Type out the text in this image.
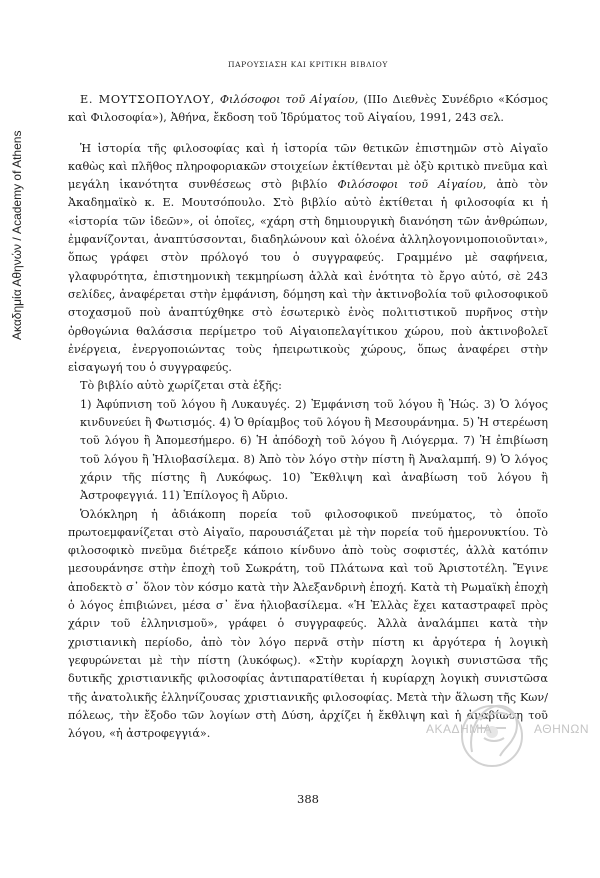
Ακαδημία Αθηνών / Academy of Athens
ΠΑΡΟΥΣΙΑΣΗ ΚΑΙ ΚΡΙΤΙΚΗ ΒΙΒΛΙΟΥ

Ε. ΜΟΥΤΣΟΠΟΥΛΟΥ, Φιλόσοφοι τοῦ Αἰγαίου, (ΙΙΙο Διεθνὲς Συνέδριο «Κόσμος καὶ Φιλοσοφία»), Ἀθήνα, ἔκδοση τοῦ Ἱδρύματος τοῦ Αἰγαίου, 1991, 243 σελ.

Ἡ ἱστορία τῆς φιλοσοφίας καὶ ἡ ἱστορία τῶν θετικῶν ἐπιστημῶν στὸ Αἰγαῖο καθὼς καὶ πλῆθος πληροφοριακῶν στοιχείων ἐκτίθενται μὲ ὀξὺ κριτικὸ πνεῦμα καὶ μεγάλη ἱκανότητα συνθέσεως στὸ βιβλίο Φιλόσοφοι τοῦ Αἰγαίου, ἀπὸ τὸν Ἀκαδημαϊκὸ κ. Ε. Μουτσόπουλο. Στὸ βιβλίο αὐτὸ ἐκτίθεται ἡ φιλοσοφία κι ἡ «ἱστορία τῶν ἰδεῶν», οἱ ὁποῖες, «χάρη στὴ δημιουργικὴ διανόηση τῶν ἀνθρώπων, ἐμφανίζονται, ἀναπτύσσονται, διαδηλώνουν καὶ ὁλοένα ἀλληλογονιμοποιοῦνται», ὅπως γράφει στὸν πρόλογό του ὁ συγγραφεύς. Γραμμένο μὲ σαφήνεια, γλαφυρότητα, ἐπιστημονικὴ τεκμηρίωση ἀλλὰ καὶ ἑνότητα τὸ ἔργο αὐτό, σὲ 243 σελίδες, ἀναφέρεται στὴν ἐμφάνιση, δόμηση καὶ τὴν ἀκτινοβολία τοῦ φιλοσοφικοῦ στοχασμοῦ ποὺ ἀναπτύχθηκε στὸ ἐσωτερικὸ ἑνὸς πολιτιστικοῦ πυρῆνος στὴν ὀρθογώνια θαλάσσια περίμετρο τοῦ Αἰγαιοπελαγίτικου χώρου, ποὺ ἀκτινοβολεῖ ἐνέργεια, ἐνεργοποιώντας τοὺς ἠπειρωτικοὺς χώρους, ὅπως ἀναφέρει στὴν εἰσαγωγή του ὁ συγγραφεύς.

Τὸ βιβλίο αὐτὸ χωρίζεται στὰ ἑξῆς:

1) Ἀφύπνιση τοῦ λόγου ἢ Λυκαυγές. 2) Ἐμφάνιση τοῦ λόγου ἢ Ἠώς. 3) Ὁ λόγος κινδυνεύει ἢ Φωτισμός. 4) Ὁ θρίαμβος τοῦ λόγου ἢ Μεσουράνημα. 5) Ἡ στερέωση τοῦ λόγου ἢ Ἀπομεσήμερο. 6) Ἡ ἀπόδοχὴ τοῦ λόγου ἢ Λιόγερμα. 7) Ἡ ἐπιβίωση τοῦ λόγου ἢ Ἡλιοβασίλεμα. 8) Ἀπὸ τὸν λόγο στὴν πίστη ἢ Ἀναλαμπή. 9) Ὁ λόγος χάριν τῆς πίστης ἢ Λυκόφως. 10) Ἔκθλιψη καὶ ἀναβίωση τοῦ λόγου ἢ Ἀστροφεγγιά. 11) Ἐπίλογος ἢ Αὔριο.

Ὁλόκληρη ἡ ἀδιάκοπη πορεία τοῦ φιλοσοφικοῦ πνεύματος, τὸ ὁποῖο πρωτοεμφανίζεται στὸ Αἰγαῖο, παρουσιάζεται μὲ τὴν πορεία τοῦ ἡμερονυκτίου. Τὸ φιλοσοφικὸ πνεῦμα διέτρεξε κάποιο κίνδυνο ἀπὸ τοὺς σοφιστές, ἀλλὰ κατόπιν μεσουράνησε στὴν ἐποχὴ τοῦ Σωκράτη, τοῦ Πλάτωνα καὶ τοῦ Ἀριστοτέλη. Ἔγινε ἀποδεκτὸ σ᾽ ὅλον τὸν κόσμο κατὰ τὴν Ἀλεξανδρινὴ ἐποχή. Κατὰ τὴ Ρωμαϊκὴ ἐποχὴ ὁ λόγος ἐπιβιώνει, μέσα σ᾽ ἕνα ἡλιοβασίλεμα. «Ἡ Ἑλλὰς ἔχει καταστραφεῖ πρὸς χάριν τοῦ ἑλληνισμοῦ», γράφει ὁ συγγραφεύς. Ἀλλὰ ἀναλάμπει κατὰ τὴν χριστιανικὴ περίοδο, ἀπὸ τὸν λόγο περνᾶ στὴν πίστη κι ἀργότερα ἡ λογικὴ γεφυρώνεται μὲ τὴν πίστη (λυκόφως). «Στὴν κυρίαρχη λογικὴ συνιστῶσα τῆς δυτικῆς χριστιανικῆς φιλοσοφίας ἀντιπαρατίθεται ἡ κυρίαρχη λογικὴ συνιστῶσα τῆς ἀνατολικῆς ἑλληνίζουσας χριστιανικῆς φιλοσοφίας. Μετὰ τὴν ἅλωση τῆς Κων/πόλεως, τὴν ἔξοδο τῶν λογίων στὴ Δύση, ἀρχίζει ἡ ἔκθλιψη καὶ ἡ ἀναβίωση τοῦ λόγου, «ἡ ἀστροφεγγιά».

388
ΑΚΑΔΗΜΙΑ	ΑΘΗΝΩΝ
